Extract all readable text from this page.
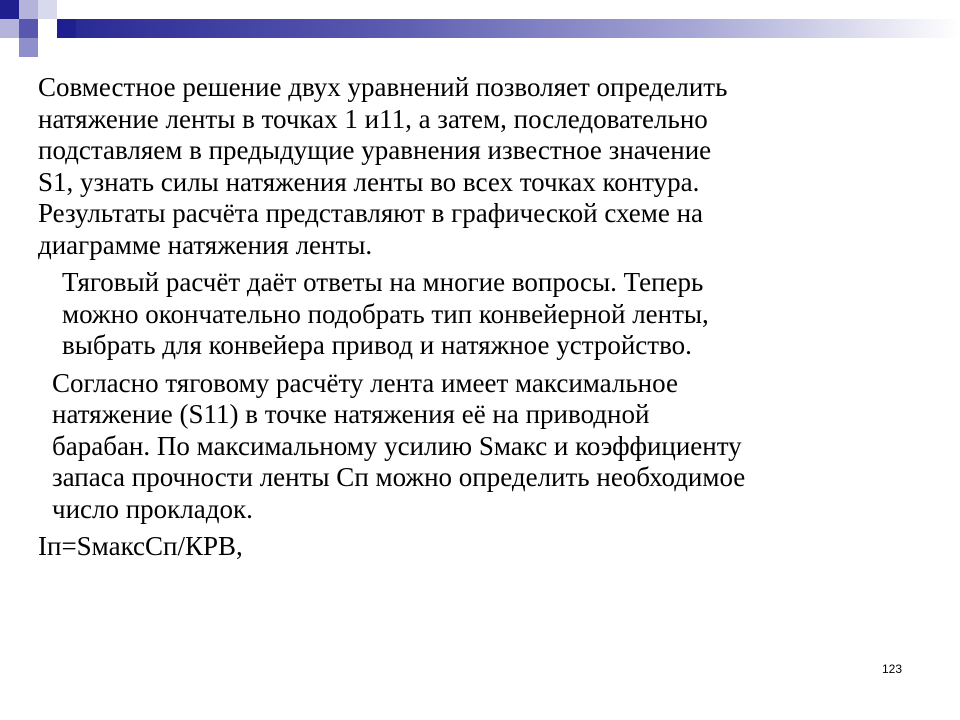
Совместное решение двух уравнений позволяет определить
натяжение ленты в точках 1 и11, а затем, последовательно
подставляем в предыдущие уравнения известное значение
S1, узнать силы натяжения ленты во всех точках контура.
Результаты расчёта представляют в графической схеме на
диаграмме натяжения ленты.

Тяговый расчёт даёт ответы на многие вопросы. Теперь
можно окончательно подобрать тип конвейерной ленты,
выбрать для конвейера привод и натяжное устройство.

Согласно тяговому расчёту лента имеет максимальное
натяжение (S11) в точке натяжения её на приводной
барабан. По максимальному усилию Sмакс и коэффициенту
запаса прочности ленты Сп можно определить необходимое
число прокладок.

Iп=SмаксСп/КРВ,

123
